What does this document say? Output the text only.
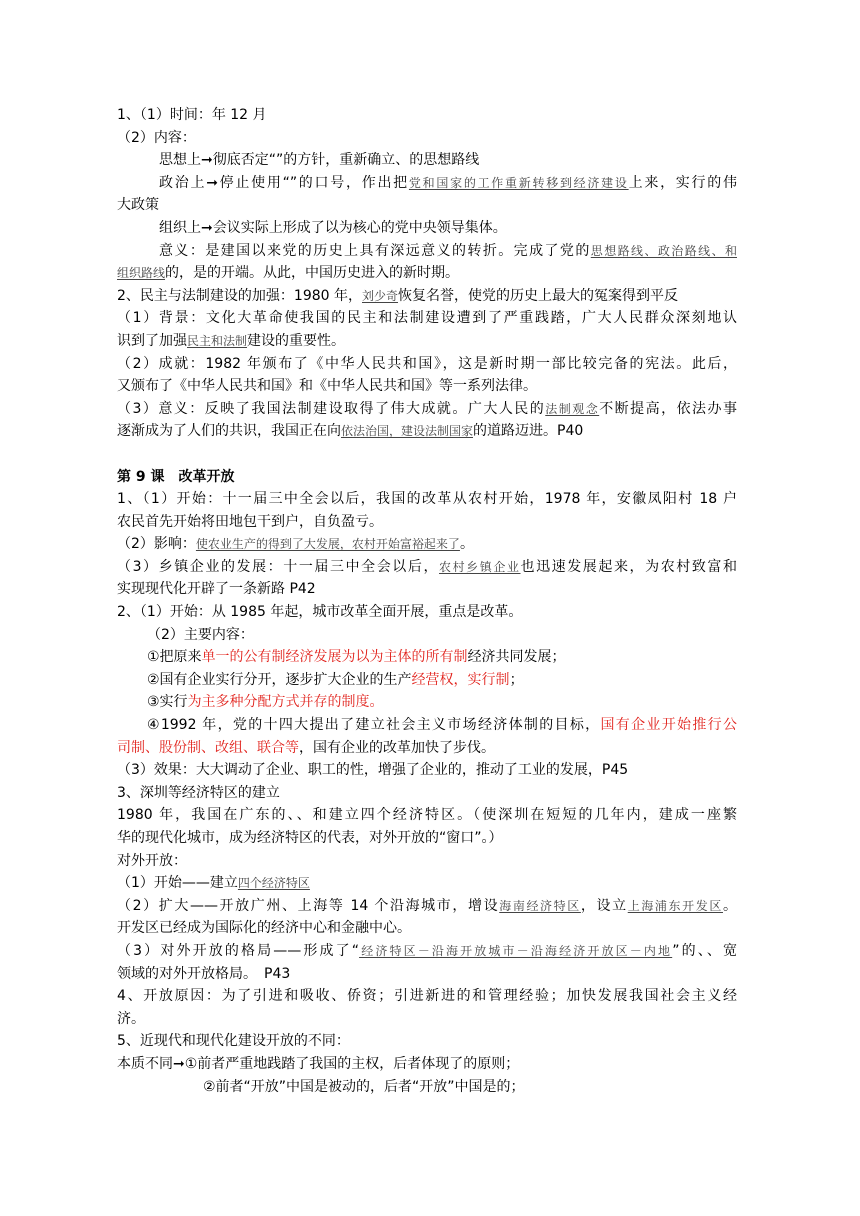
1、（1）时间：年 12 月
（2）内容：
思想上➞彻底否定“”的方针，重新确立、的思想路线
政治上➞停止使用“”的口号，作出把党和国家的工作重新转移到经济建设上来，实行的伟
大政策
组织上➞会议实际上形成了以为核心的党中央领导集体。
意义：是建国以来党的历史上具有深远意义的转折。完成了党的思想路线、政治路线、和
组织路线的，是的开端。从此，中国历史进入的新时期。
2、民主与法制建设的加强：1980 年，刘少奇恢复名誉，使党的历史上最大的冤案得到平反
（1）背景：文化大革命使我国的民主和法制建设遭到了严重践踏，广大人民群众深刻地认
识到了加强民主和法制建设的重要性。
（2）成就：1982 年颁布了《中华人民共和国》，这是新时期一部比较完备的宪法。此后，
又颁布了《中华人民共和国》和《中华人民共和国》等一系列法律。
（3）意义：反映了我国法制建设取得了伟大成就。广大人民的法制观念不断提高，依法办事
逐渐成为了人们的共识，我国正在向依法治国，建设法制国家的道路迈进。P40
第 9 课　改革开放
1、（1）开始：十一届三中全会以后，我国的改革从农村开始，1978 年，安徽凤阳村 18 户
农民首先开始将田地包干到户，自负盈亏。
（2）影响：使农业生产的得到了大发展，农村开始富裕起来了。
（3）乡镇企业的发展：十一届三中全会以后，农村乡镇企业也迅速发展起来，为农村致富和
实现现代化开辟了一条新路 P42
2、（1）开始：从 1985 年起，城市改革全面开展，重点是改革。
（2）主要内容：
①把原来单一的公有制经济发展为以为主体的所有制经济共同发展；
②国有企业实行分开，逐步扩大企业的生产经营权，实行制；
③实行为主多种分配方式并存的制度。
④1992 年，党的十四大提出了建立社会主义市场经济体制的目标，国有企业开始推行公
司制、股份制、改组、联合等，国有企业的改革加快了步伐。
（3）效果：大大调动了企业、职工的性，增强了企业的，推动了工业的发展，P45
3、深圳等经济特区的建立
1980 年，我国在广东的、、和建立四个经济特区。（使深圳在短短的几年内，建成一座繁
华的现代化城市，成为经济特区的代表，对外开放的“窗口”。）
对外开放：
（1）开始——建立四个经济特区
（2）扩大——开放广州、上海等 14 个沿海城市，增设海南经济特区，设立上海浦东开发区。
开发区已经成为国际化的经济中心和金融中心。
（3）对外开放的格局——形成了“经济特区－沿海开放城市－沿海经济开放区－内地”的、、宽
领域的对外开放格局。　P43
4、开放原因：为了引进和吸收、侨资；引进新进的和管理经验；加快发展我国社会主义经
济。
5、近现代和现代化建设开放的不同：
本质不同➞①前者严重地践踏了我国的主权，后者体现了的原则；
②前者“开放”中国是被动的，后者“开放”中国是的；
